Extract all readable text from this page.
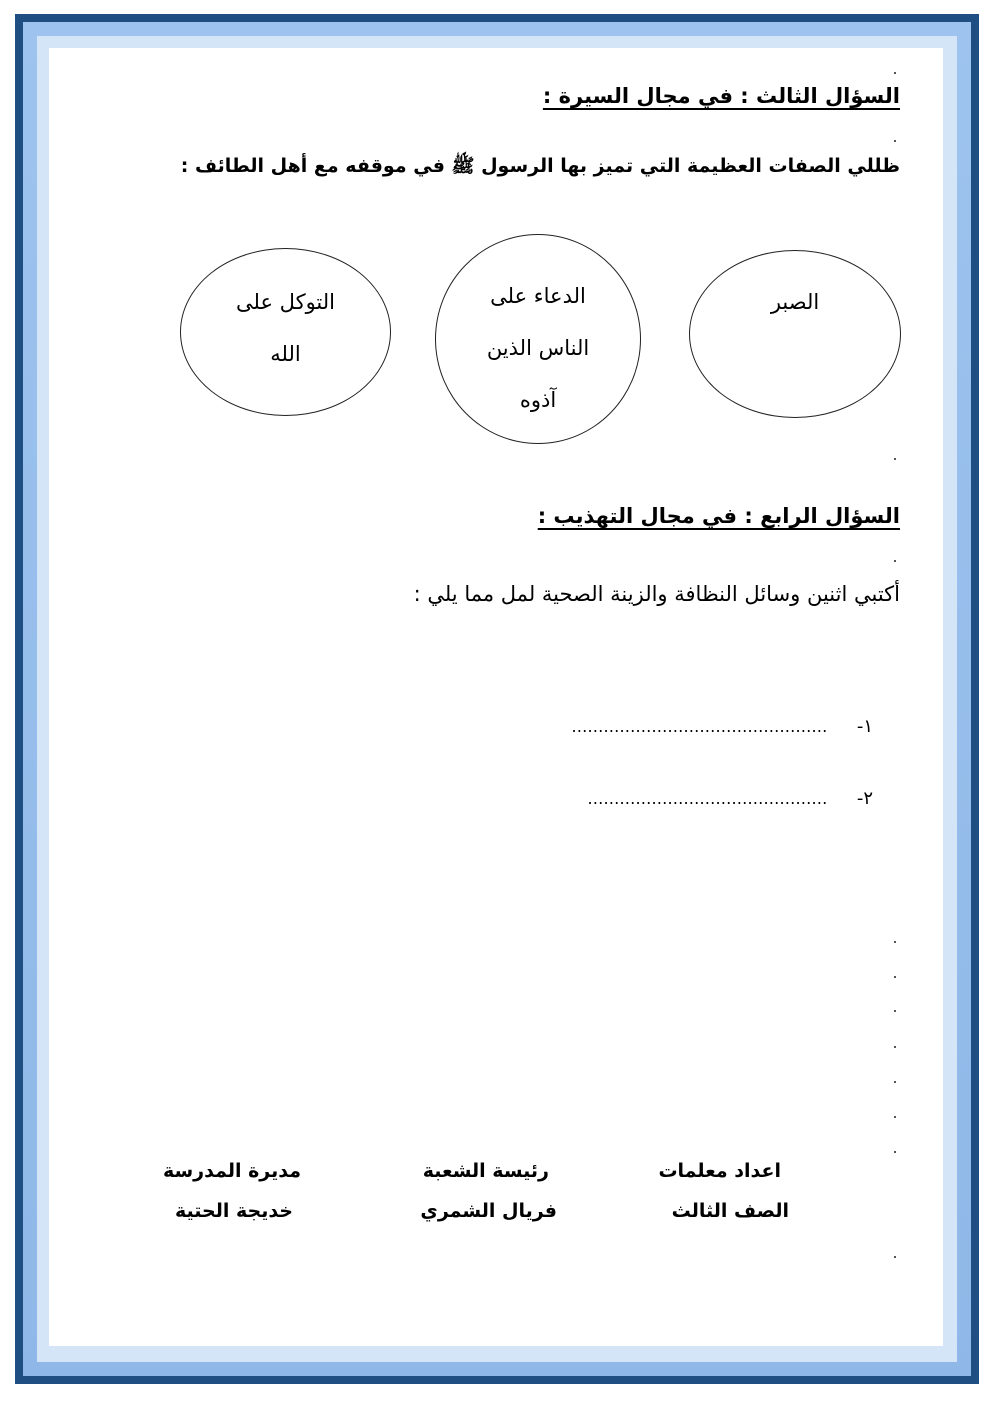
السؤال الثالث : في مجال السيرة :
ظللي الصفات العظيمة التي تميز بها الرسول ﷺ في موقفه مع أهل الطائف :
التوكل على
الله
الدعاء على
الناس الذين
آذوه
الصبر
السؤال الرابع : في مجال التهذيب :
أكتبي اثنين وسائل النظافة والزينة الصحية لمل مما يلي :
١-  …………………………………………
٢-  ………………………………………
اعداد معلمات
الصف الثالث
رئيسة الشعبة
فريال الشمري
مديرة المدرسة
خديجة الحتية
